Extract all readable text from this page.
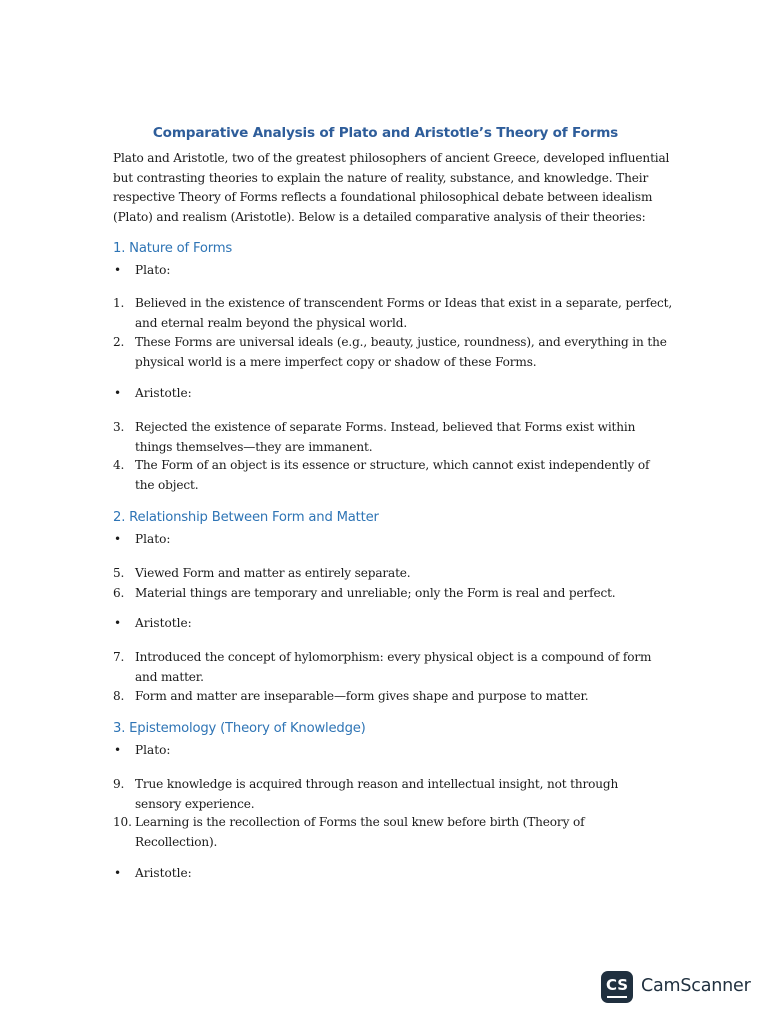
Comparative Analysis of Plato and Aristotle’s Theory of Forms
Plato and Aristotle, two of the greatest philosophers of ancient Greece, developed influential
but contrasting theories to explain the nature of reality, substance, and knowledge. Their
respective Theory of Forms reflects a foundational philosophical debate between idealism
(Plato) and realism (Aristotle). Below is a detailed comparative analysis of their theories:
1. Nature of Forms
• Plato:
1. Believed in the existence of transcendent Forms or Ideas that exist in a separate, perfect,
and eternal realm beyond the physical world.
2. These Forms are universal ideals (e.g., beauty, justice, roundness), and everything in the
physical world is a mere imperfect copy or shadow of these Forms.
• Aristotle:
3. Rejected the existence of separate Forms. Instead, believed that Forms exist within
things themselves—they are immanent.
4. The Form of an object is its essence or structure, which cannot exist independently of
the object.
2. Relationship Between Form and Matter
• Plato:
5. Viewed Form and matter as entirely separate.
6. Material things are temporary and unreliable; only the Form is real and perfect.
• Aristotle:
7. Introduced the concept of hylomorphism: every physical object is a compound of form
and matter.
8. Form and matter are inseparable—form gives shape and purpose to matter.
3. Epistemology (Theory of Knowledge)
• Plato:
9. True knowledge is acquired through reason and intellectual insight, not through
sensory experience.
10. Learning is the recollection of Forms the soul knew before birth (Theory of
Recollection).
• Aristotle:
CS CamScanner
